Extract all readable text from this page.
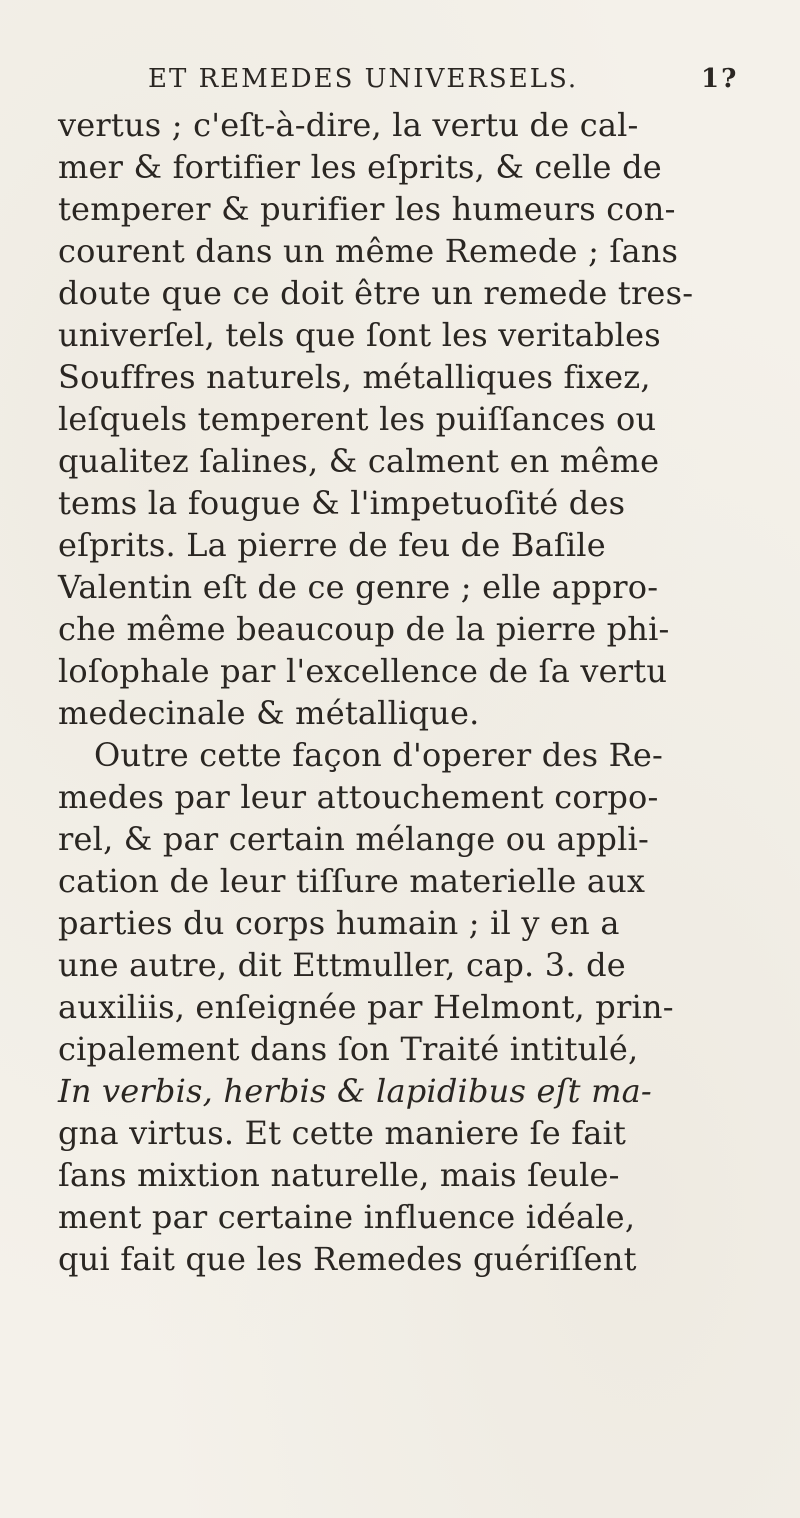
ET REMEDES UNIVERSELS.	1?
vertus ; c'eſt-à-dire, la vertu de cal-
mer & fortifier les eſprits, & celle de
temperer & purifier les humeurs con-
courent dans un même Remede ; ſans
doute que ce doit être un remede tres-
univerſel, tels que ſont les veritables
Souffres naturels, métalliques fixez,
leſquels temperent les puiſſances ou
qualitez ſalines, & calment en même
tems la fougue & l'impetuoſité des
eſprits. La pierre de feu de Baſile
Valentin eſt de ce genre ; elle appro-
che même beaucoup de la pierre phi-
loſophale par l'excellence de ſa vertu
medecinale & métallique.
Outre cette façon d'operer des Re-
medes par leur attouchement corpo-
rel, & par certain mélange ou appli-
cation de leur tiſſure materielle aux
parties du corps humain ; il y en a
une autre, dit Ettmuller, cap. 3. de
auxiliis, enſeignée par Helmont, prin-
cipalement dans ſon Traité intitulé,
In verbis, herbis & lapidibus eſt ma-
gna virtus. Et cette maniere ſe fait
ſans mixtion naturelle, mais ſeule-
ment par certaine influence idéale,
qui fait que les Remedes guériſſent
